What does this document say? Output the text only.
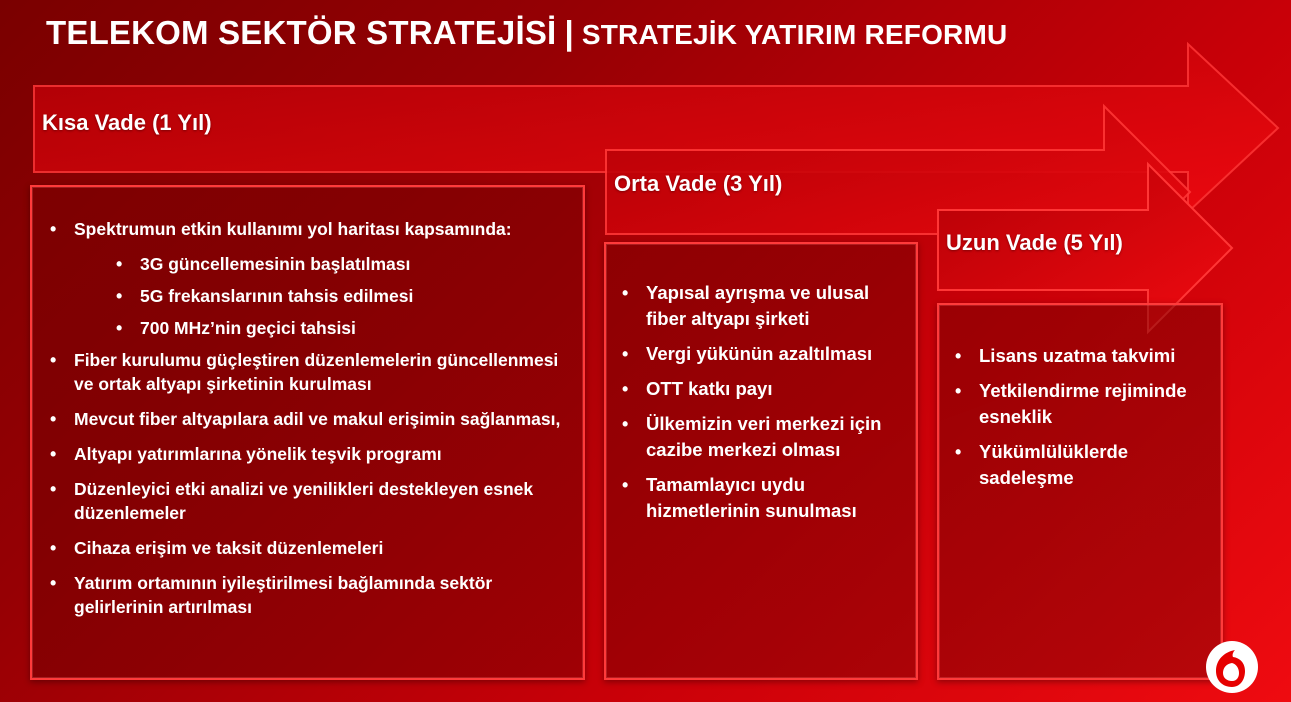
TELEKOM SEKTÖR STRATEJİSİ | STRATEJİK YATIRIM REFORMU
Kısa Vade (1 Yıl)
Orta Vade (3 Yıl)
Uzun Vade (5 Yıl)
• Spektrumun etkin kullanımı yol haritası kapsamında:
• 3G güncellemesinin başlatılması
• 5G frekanslarının tahsis edilmesi
• 700 MHz’nin geçici tahsisi
• Fiber kurulumu güçleştiren düzenlemelerin güncellenmesi ve ortak altyapı şirketinin kurulması
• Mevcut fiber altyapılara adil ve makul erişimin sağlanması,
• Altyapı yatırımlarına yönelik teşvik programı
• Düzenleyici etki analizi ve yenilikleri destekleyen esnek düzenlemeler
• Cihaza erişim ve taksit düzenlemeleri
• Yatırım ortamının iyileştirilmesi bağlamında sektör gelirlerinin artırılması
• Yapısal ayrışma ve ulusal fiber altyapı şirketi
• Vergi yükünün azaltılması
• OTT katkı payı
• Ülkemizin veri merkezi için cazibe merkezi olması
• Tamamlayıcı uydu hizmetlerinin sunulması
• Lisans uzatma takvimi
• Yetkilendirme rejiminde esneklik
• Yükümlülüklerde sadeleşme
